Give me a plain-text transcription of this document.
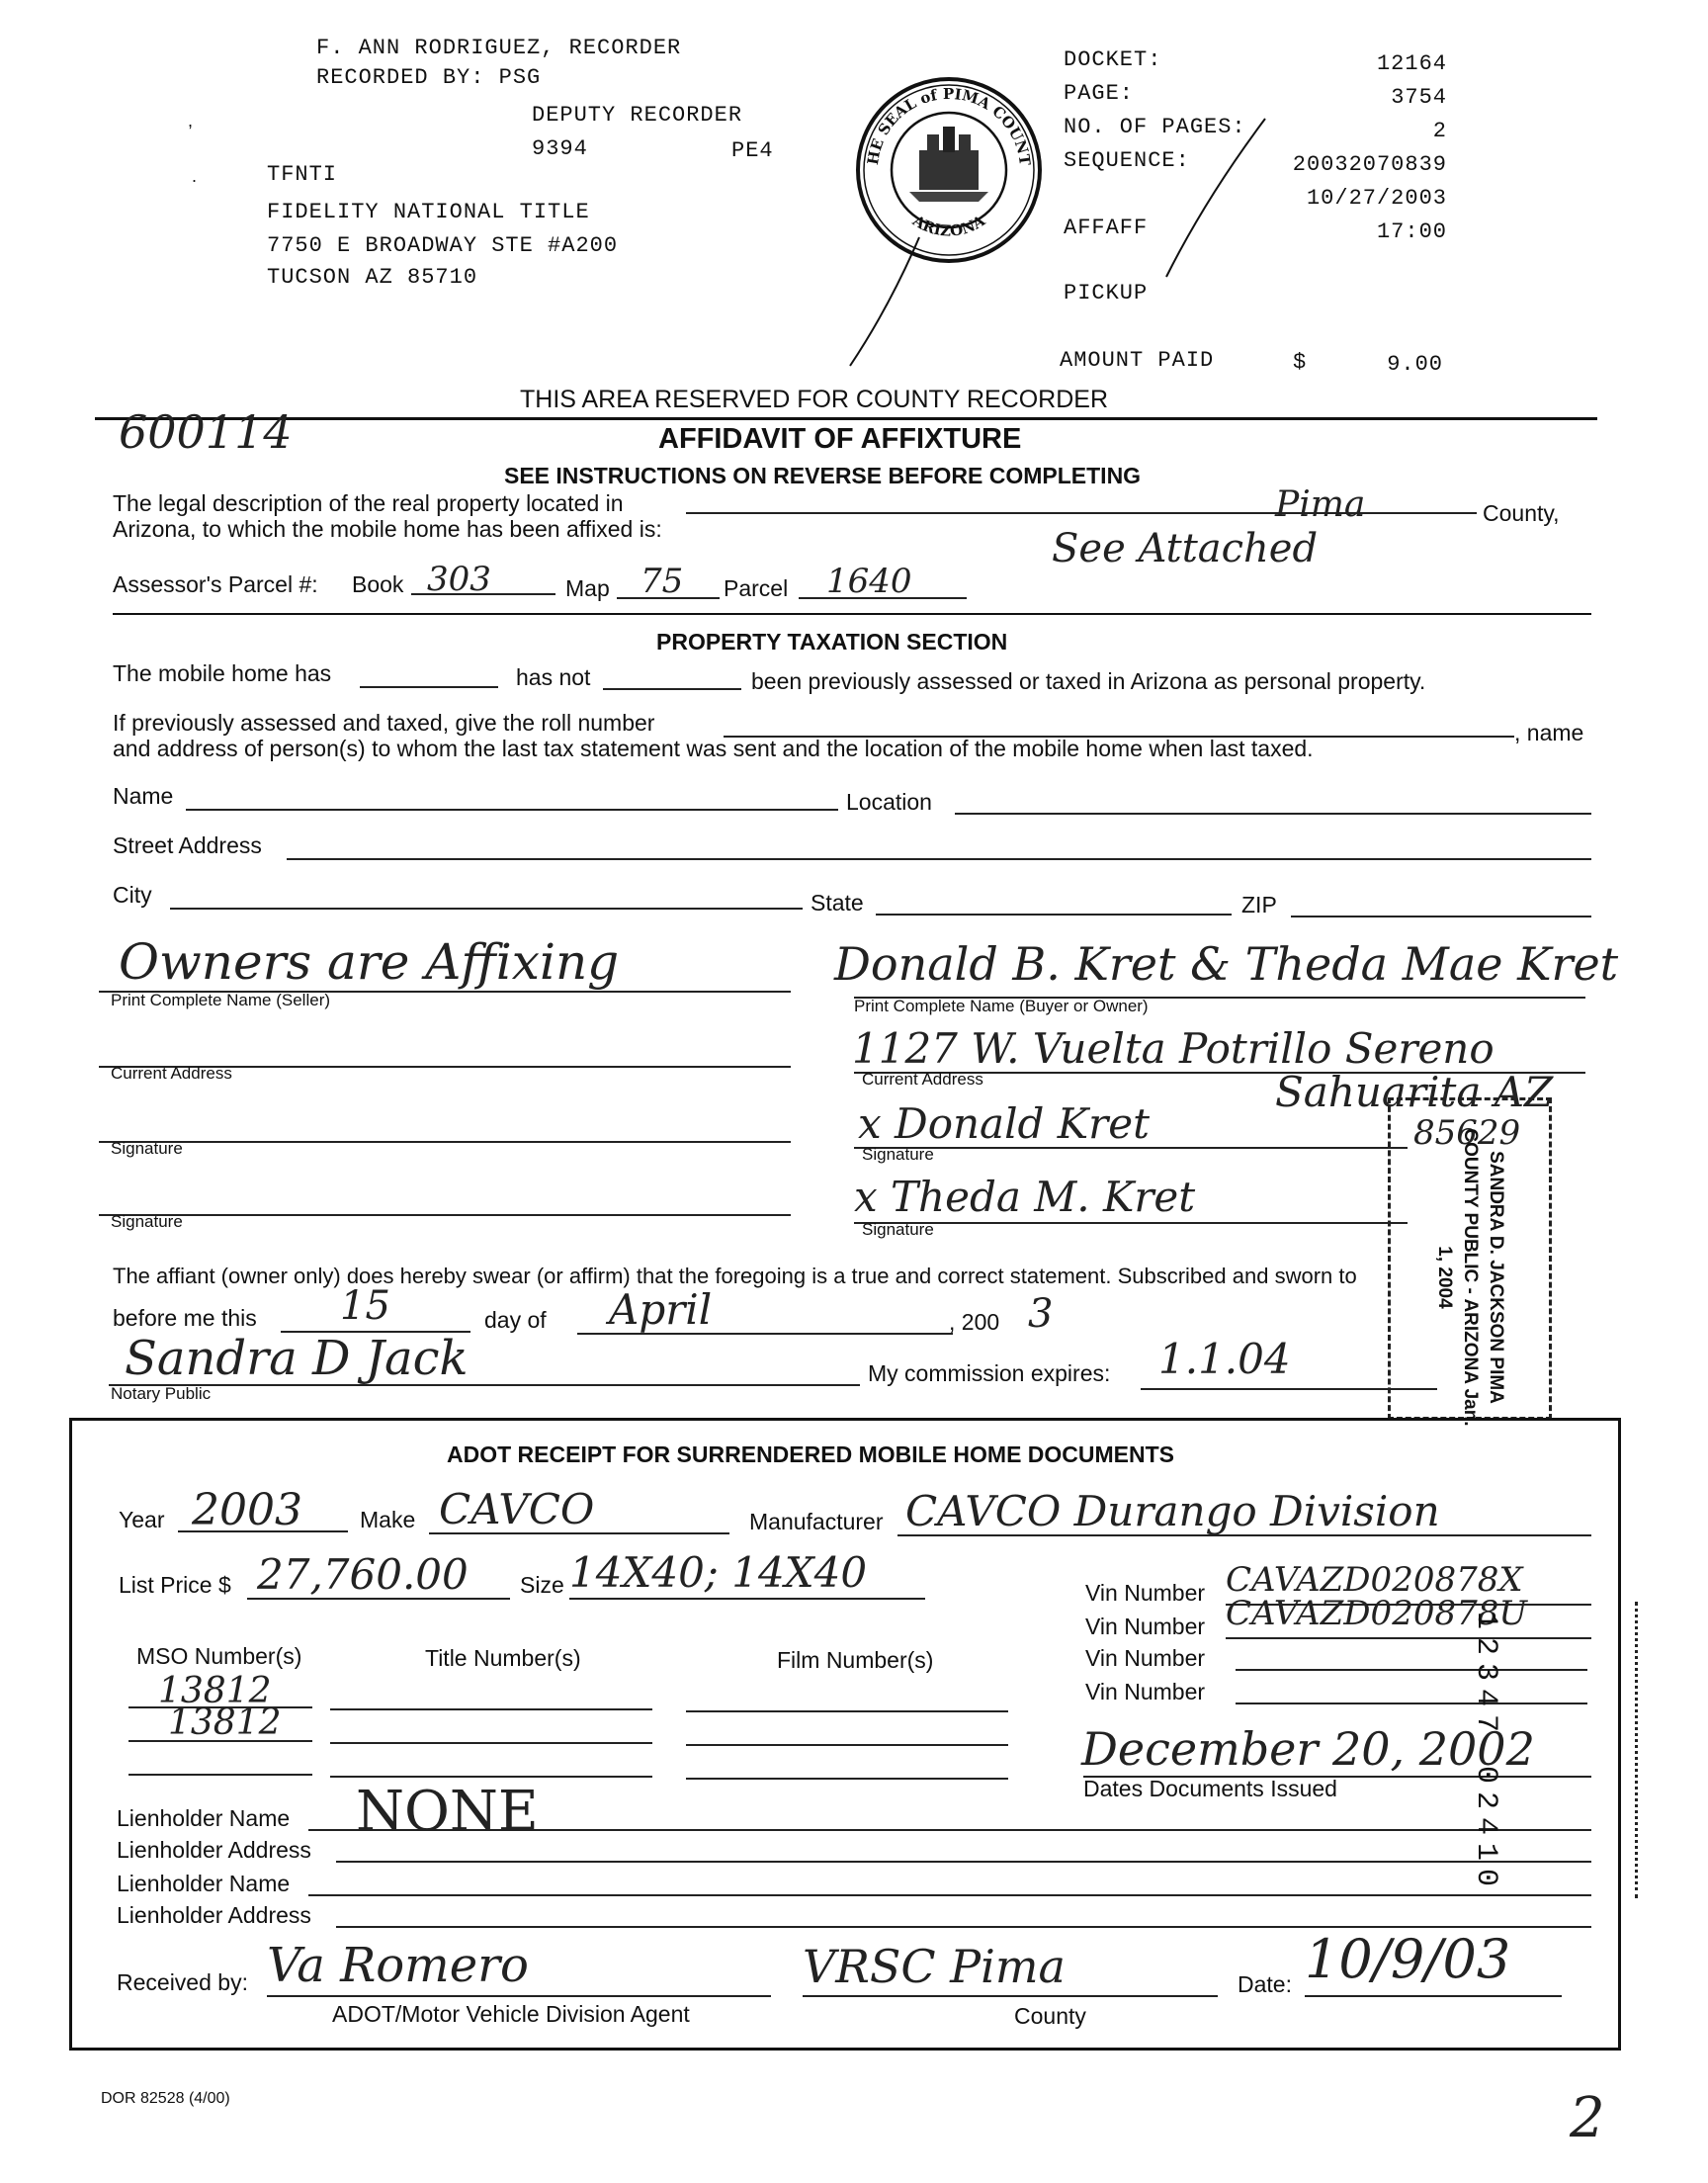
F. ANN RODRIGUEZ, RECORDER
RECORDED BY: PSG
DEPUTY RECORDER
9394	PE4
TFNTI
FIDELITY NATIONAL TITLE
7750 E BROADWAY STE #A200
TUCSON AZ 85710
,
.
HE SEAL of PIMA COUNT
ARIZONA
DOCKET:	12164
PAGE:	3754
NO. OF PAGES:	2
SEQUENCE:	20032070839
10/27/2003
AFFAFF	17:00
PICKUP
AMOUNT PAID	$	9.00
THIS AREA RESERVED FOR COUNTY RECORDER
600114	AFFIDAVIT OF AFFIXTURE
SEE INSTRUCTIONS ON REVERSE BEFORE COMPLETING
The legal description of the real property located in	Pima	County,
Arizona, to which the mobile home has been affixed is:	See Attached
Assessor's Parcel #: Book 303	Map 75 Parcel 1640
PROPERTY TAXATION SECTION
The mobile home has	has not	been previously assessed or taxed in Arizona as personal property.
If previously assessed and taxed, give the roll number	, name
and address of person(s) to whom the last tax statement was sent and the location of the mobile home when last taxed.
Name	Location
Street Address
City	State	ZIP
Owners are Affixing
Print Complete Name (Seller)
Donald B. Kret & Theda Mae Kret
Print Complete Name (Buyer or Owner)
Current Address
1127 W. Vuelta Potrillo Sereno
Current Address	Sahuarita AZ
85629
Signature
x Donald Kret
Signature
Signature
x Theda M. Kret
Signature	SANDRA D. JACKSON PIMA COUNTY PUBLIC - ARIZONA Jan. 1, 2004
The affiant (owner only) does hereby swear (or affirm) that the foregoing is a true and correct statement. Subscribed and sworn to
before me this 15	day of April	, 200 3
Sandra D Jack
Notary Public
My commission expires: 1.1.04
ADOT RECEIPT FOR SURRENDERED MOBILE HOME DOCUMENTS
Year 2003	Make CAVCO	Manufacturer CAVCO Durango Division
List Price $ 27,760.00 Size 14X40; 14X40	Vin Number CAVAZD020878X
Vin Number CAVAZD020878U
Vin Number
Vin Number
MSO Number(s)	Title Number(s)	Film Number(s)
13812
13812	December 20, 2002
Dates Documents Issued
Lienholder Name NONE
Lienholder Address
Lienholder Name
Lienholder Address
Received by: Va Romero
ADOT/Motor Vehicle Division Agent
VRSC Pima
County
Date: 10/9/03
12347 02410
DOR 82528 (4/00)	2
